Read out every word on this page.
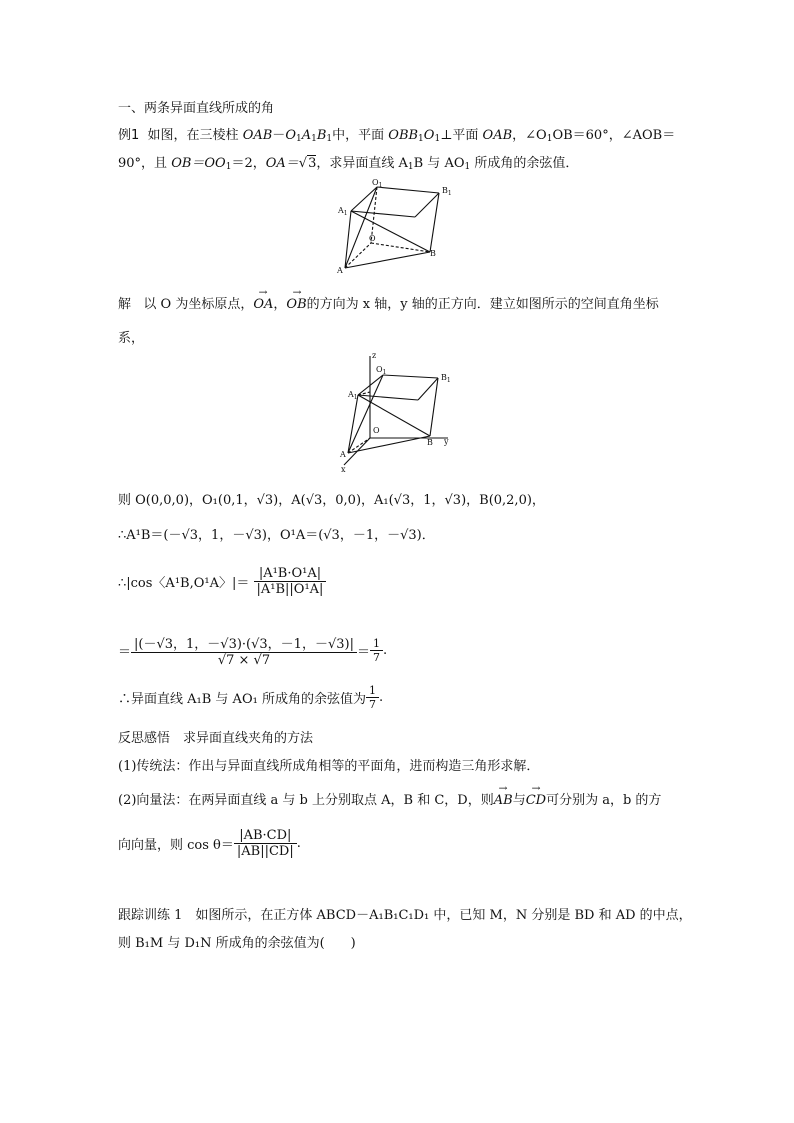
一、两条异面直线所成的角
例1 如图，在三棱柱 $OAB-O_1A_1B_1$中，平面 $OBB_1O_1\perp$平面 OAB，$\angle O_1OB=60^\circ$，∠AOB＝
90°，且 $OB=OO_1=2$，OA＝√3，求异面直线 $A_1B$ 与 $AO_1$ 所成角的余弦值．
$O_1$
$B_1$
$A_1$
O
B
A
解 以 O 为坐标原点，→ OA，→ OB的方向为 x 轴，y 轴的正方向．建立如图所示的空间直角坐标
系，
z
y
x
$O_1$
$B_1$
$A_1$
O
B
A
则 O(0,0,0)，O₁(0,1，√3)，A(√3，0,0)，A₁(√3，1，√3)，B(0,2,0)，
∴A¹B＝(－√3，1，－√3)，O¹A＝(√3，－1，－√3)．
∴|cos〈A¹B,O¹A〉|＝ $\frac{\text{|A¹B·O¹A|}}{\text{|A¹B||O¹A|}}$
＝ $\frac{|(-√3,1,-√3)\cdot(√3,-1,-√3)|}{√7 \times √7} = \frac{1}{7}$ .
∴异面直线 A₁B 与 AO₁ 所成角的余弦值为 $\frac{1}{7}$ .
反思感悟　求异面直线夹角的方法
(1)传统法：作出与异面直线所成角相等的平面角，进而构造三角形求解．
(2)向量法：在两异面直线 a 与 b 上分别取点 A，B 和 C，D，则→ AB与→ CD可分别为 a，b 的方
向向量，则 $\cos \theta= \frac{|AB\cdot CD|}{|AB||CD|}$ .
跟踪训练 1　如图所示，在正方体 ABCD－A₁B₁C₁D₁ 中，已知 M，N 分别是 BD 和 AD 的中点，
则 B₁M 与 D₁N 所成角的余弦值为(　　)
